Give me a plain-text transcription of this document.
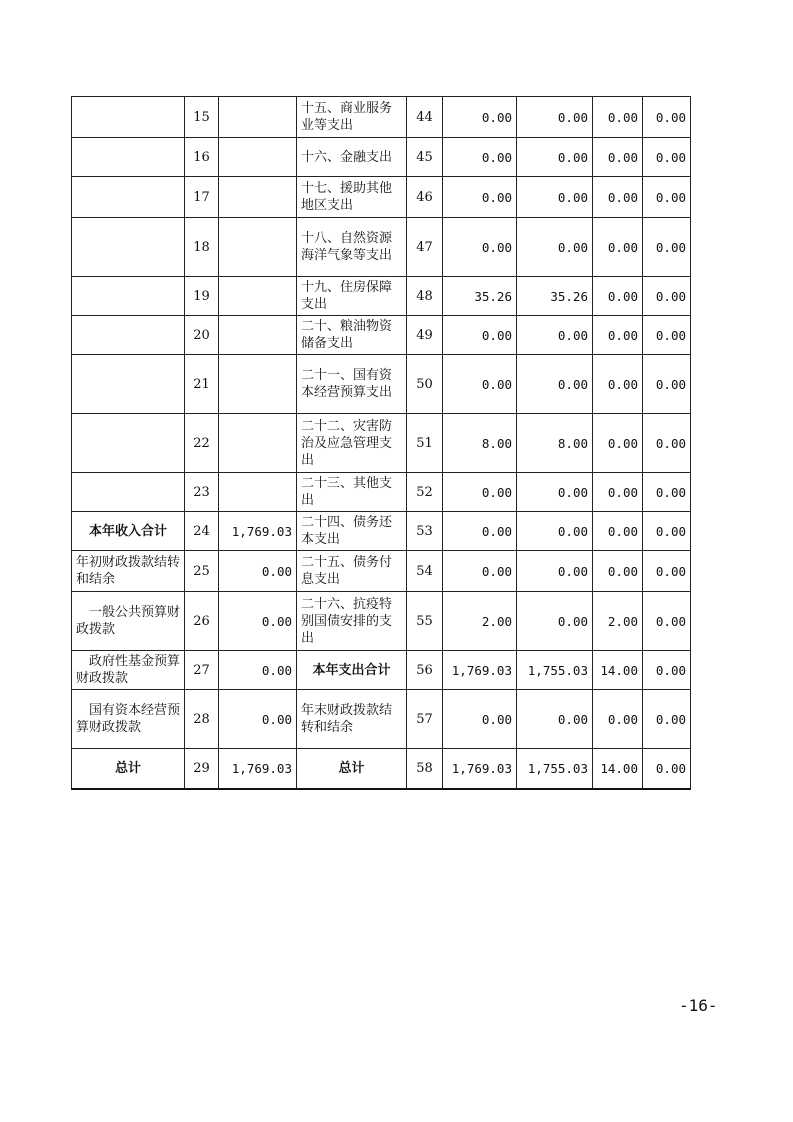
	15		十五、商业服务业等支出	44	0.00	0.00	0.00	0.00
	16		十六、金融支出	45	0.00	0.00	0.00	0.00
	17		十七、援助其他地区支出	46	0.00	0.00	0.00	0.00
	18		十八、自然资源海洋气象等支出	47	0.00	0.00	0.00	0.00
	19		十九、住房保障支出	48	35.26	35.26	0.00	0.00
	20		二十、粮油物资储备支出	49	0.00	0.00	0.00	0.00
	21		二十一、国有资本经营预算支出	50	0.00	0.00	0.00	0.00
	22		二十二、灾害防治及应急管理支出	51	8.00	8.00	0.00	0.00
	23		二十三、其他支出	52	0.00	0.00	0.00	0.00
本年收入合计	24	1,769.03	二十四、债务还本支出	53	0.00	0.00	0.00	0.00
年初财政拨款结转和结余	25	0.00	二十五、债务付息支出	54	0.00	0.00	0.00	0.00
一般公共预算财政拨款	26	0.00	二十六、抗疫特别国债安排的支出	55	2.00	0.00	2.00	0.00
政府性基金预算财政拨款	27	0.00	本年支出合计	56	1,769.03	1,755.03	14.00	0.00
国有资本经营预算财政拨款	28	0.00	年末财政拨款结转和结余	57	0.00	0.00	0.00	0.00
总计	29	1,769.03	总计	58	1,769.03	1,755.03	14.00	0.00
-16-
